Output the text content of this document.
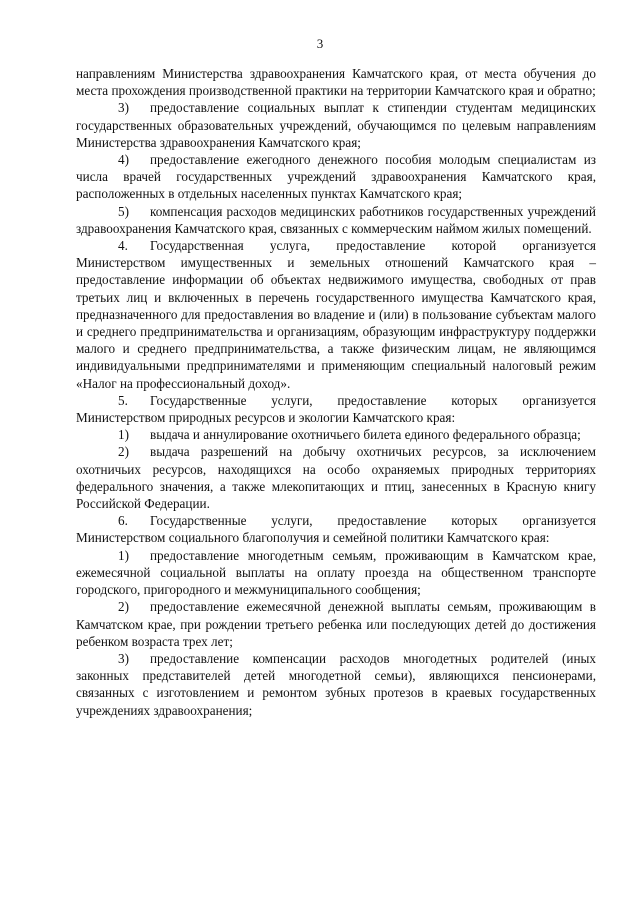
3

направлениям Министерства здравоохранения Камчатского края, от места обучения до места прохождения производственной практики на территории Камчатского края и обратно;

3) предоставление социальных выплат к стипендии студентам медицинских государственных образовательных учреждений, обучающимся по целевым направлениям Министерства здравоохранения Камчатского края;

4) предоставление ежегодного денежного пособия молодым специалистам из числа врачей государственных учреждений здравоохранения Камчатского края, расположенных в отдельных населенных пунктах Камчатского края;

5) компенсация расходов медицинских работников государственных учреждений здравоохранения Камчатского края, связанных с коммерческим наймом жилых помещений.

4. Государственная услуга, предоставление которой организуется Министерством имущественных и земельных отношений Камчатского края – предоставление информации об объектах недвижимого имущества, свободных от прав третьих лиц и включенных в перечень государственного имущества Камчатского края, предназначенного для предоставления во владение и (или) в пользование субъектам малого и среднего предпринимательства и организациям, образующим инфраструктуру поддержки малого и среднего предпринимательства, а также физическим лицам, не являющимся индивидуальными предпринимателями и применяющим специальный налоговый режим «Налог на профессиональный доход».

5. Государственные услуги, предоставление которых организуется Министерством природных ресурсов и экологии Камчатского края:

1) выдача и аннулирование охотничьего билета единого федерального образца;

2) выдача разрешений на добычу охотничьих ресурсов, за исключением охотничьих ресурсов, находящихся на особо охраняемых природных территориях федерального значения, а также млекопитающих и птиц, занесенных в Красную книгу Российской Федерации.

6. Государственные услуги, предоставление которых организуется Министерством социального благополучия и семейной политики Камчатского края:

1) предоставление многодетным семьям, проживающим в Камчатском крае, ежемесячной социальной выплаты на оплату проезда на общественном транспорте городского, пригородного и межмуниципального сообщения;

2) предоставление ежемесячной денежной выплаты семьям, проживающим в Камчатском крае, при рождении третьего ребенка или последующих детей до достижения ребенком возраста трех лет;

3) предоставление компенсации расходов многодетных родителей (иных законных представителей детей многодетной семьи), являющихся пенсионерами, связанных с изготовлением и ремонтом зубных протезов в краевых государственных учреждениях здравоохранения;
